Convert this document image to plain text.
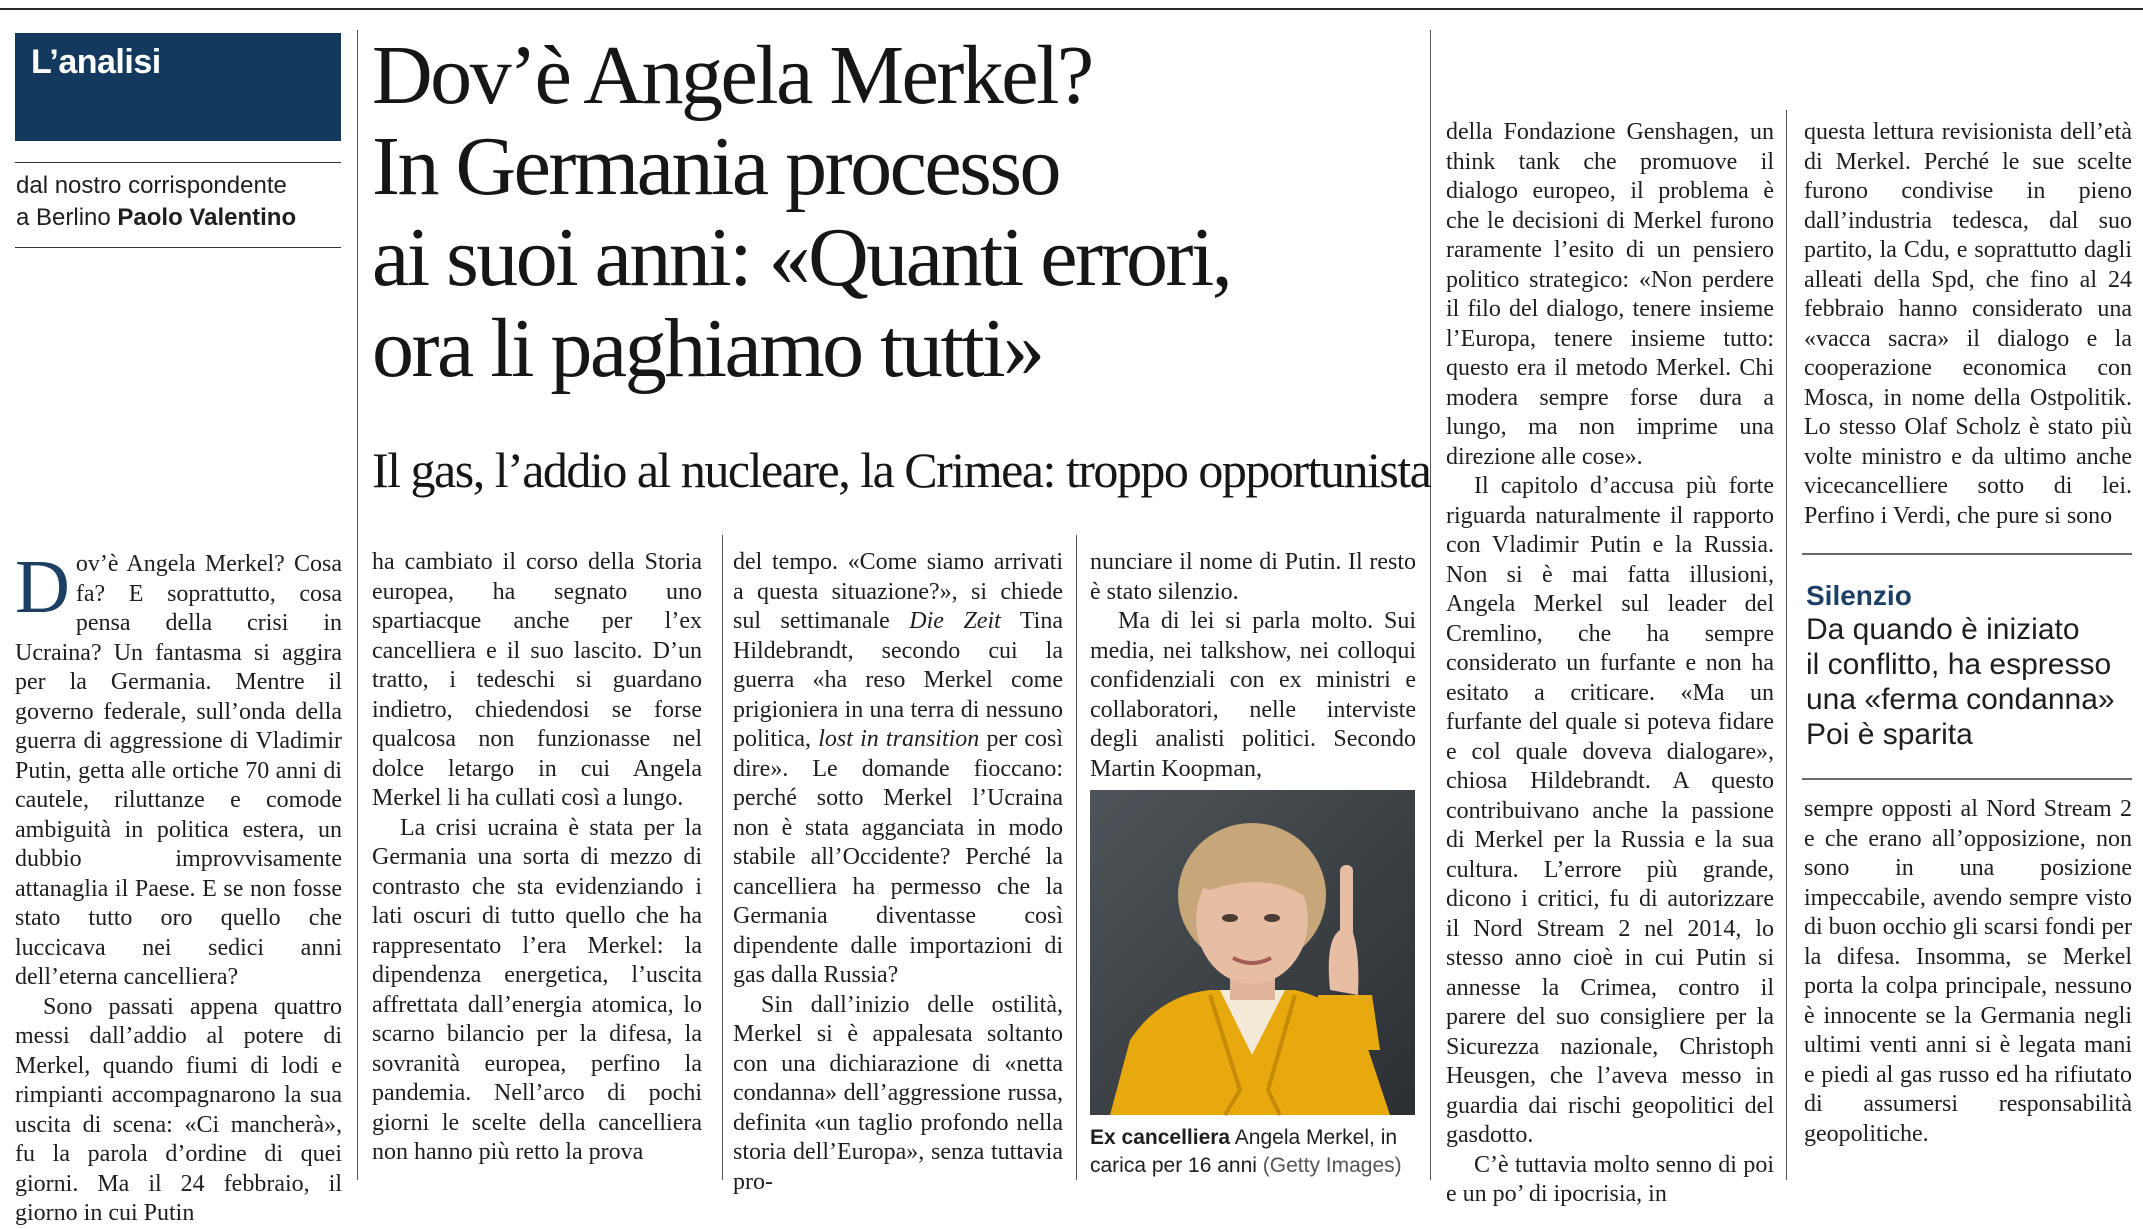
L’analisi
dal nostro corrispondente
a Berlino Paolo Valentino
Dov’è Angela Merkel?
In Germania processo
ai suoi anni: «Quanti errori,
ora li paghiamo tutti»
Il gas, l’addio al nucleare, la Crimea: troppo opportunista

Dov’è Angela Merkel? Cosa fa? E soprattutto, cosa pensa della crisi in Ucraina? Un fantasma si aggira per la Germania. Mentre il governo federale, sull’onda della guerra di aggressione di Vladimir Putin, getta alle ortiche 70 anni di cautele, riluttanze e comode ambiguità in politica estera, un dubbio improvvisamente attanaglia il Paese. E se non fosse stato tutto oro quello che luccicava nei sedici anni dell’eterna cancelliera?

Sono passati appena quattro messi dall’addio al potere di Merkel, quando fiumi di lodi e rimpianti accompagnarono la sua uscita di scena: «Ci mancherà», fu la parola d’ordine di quei giorni. Ma il 24 febbraio, il giorno in cui Putin

ha cambiato il corso della Storia europea, ha segnato uno spartiacque anche per l’ex cancelliera e il suo lascito. D’un tratto, i tedeschi si guardano indietro, chiedendosi se forse qualcosa non funzionasse nel dolce letargo in cui Angela Merkel li ha cullati così a lungo.

La crisi ucraina è stata per la Germania una sorta di mezzo di contrasto che sta evidenziando i lati oscuri di tutto quello che ha rappresentato l’era Merkel: la dipendenza energetica, l’uscita affrettata dall’energia atomica, lo scarno bilancio per la difesa, la sovranità europea, perfino la pandemia. Nell’arco di pochi giorni le scelte della cancelliera non hanno più retto la prova

del tempo. «Come siamo arrivati a questa situazione?», si chiede sul settimanale Die Zeit Tina Hildebrandt, secondo cui la guerra «ha reso Merkel come prigioniera in una terra di nessuno politica, lost in transition per così dire». Le domande fioccano: perché sotto Merkel l’Ucraina non è stata agganciata in modo stabile all’Occidente? Perché la cancelliera ha permesso che la Germania diventasse così dipendente dalle importazioni di gas dalla Russia?

Sin dall’inizio delle ostilità, Merkel si è appalesata soltanto con una dichiarazione di «netta condanna» dell’aggressione russa, definita «un taglio profondo nella storia dell’Europa», senza tuttavia pro-

nunciare il nome di Putin. Il resto è stato silenzio.

Ma di lei si parla molto. Sui media, nei talkshow, nei colloqui confidenziali con ex ministri e collaboratori, nelle interviste degli analisti politici. Secondo Martin Koopman,

Ex cancelliera Angela Merkel, in carica per 16 anni (Getty Images)

della Fondazione Genshagen, un think tank che promuove il dialogo europeo, il problema è che le decisioni di Merkel furono raramente l’esito di un pensiero politico strategico: «Non perdere il filo del dialogo, tenere insieme l’Europa, tenere insieme tutto: questo era il metodo Merkel. Chi modera sempre forse dura a lungo, ma non imprime una direzione alle cose».

Il capitolo d’accusa più forte riguarda naturalmente il rapporto con Vladimir Putin e la Russia. Non si è mai fatta illusioni, Angela Merkel sul leader del Cremlino, che ha sempre considerato un furfante e non ha esitato a criticare. «Ma un furfante del quale si poteva fidare e col quale doveva dialogare», chiosa Hildebrandt. A questo contribuivano anche la passione di Merkel per la Russia e la sua cultura. L’errore più grande, dicono i critici, fu di autorizzare il Nord Stream 2 nel 2014, lo stesso anno cioè in cui Putin si annesse la Crimea, contro il parere del suo consigliere per la Sicurezza nazionale, Christoph Heusgen, che l’aveva messo in guardia dai rischi geopolitici del gasdotto.

C’è tuttavia molto senno di poi e un po’ di ipocrisia, in

questa lettura revisionista dell’età di Merkel. Perché le sue scelte furono condivise in pieno dall’industria tedesca, dal suo partito, la Cdu, e soprattutto dagli alleati della Spd, che fino al 24 febbraio hanno considerato una «vacca sacra» il dialogo e la cooperazione economica con Mosca, in nome della Ostpolitik. Lo stesso Olaf Scholz è stato più volte ministro e da ultimo anche vicecancelliere sotto di lei. Perfino i Verdi, che pure si sono

Silenzio
Da quando è iniziato
il conflitto, ha espresso
una «ferma condanna»
Poi è sparita

sempre opposti al Nord Stream 2 e che erano all’opposizione, non sono in una posizione impeccabile, avendo sempre visto di buon occhio gli scarsi fondi per la difesa. Insomma, se Merkel porta la colpa principale, nessuno è innocente se la Germania negli ultimi venti anni si è legata mani e piedi al gas russo ed ha rifiutato di assumersi responsabilità geopolitiche.
